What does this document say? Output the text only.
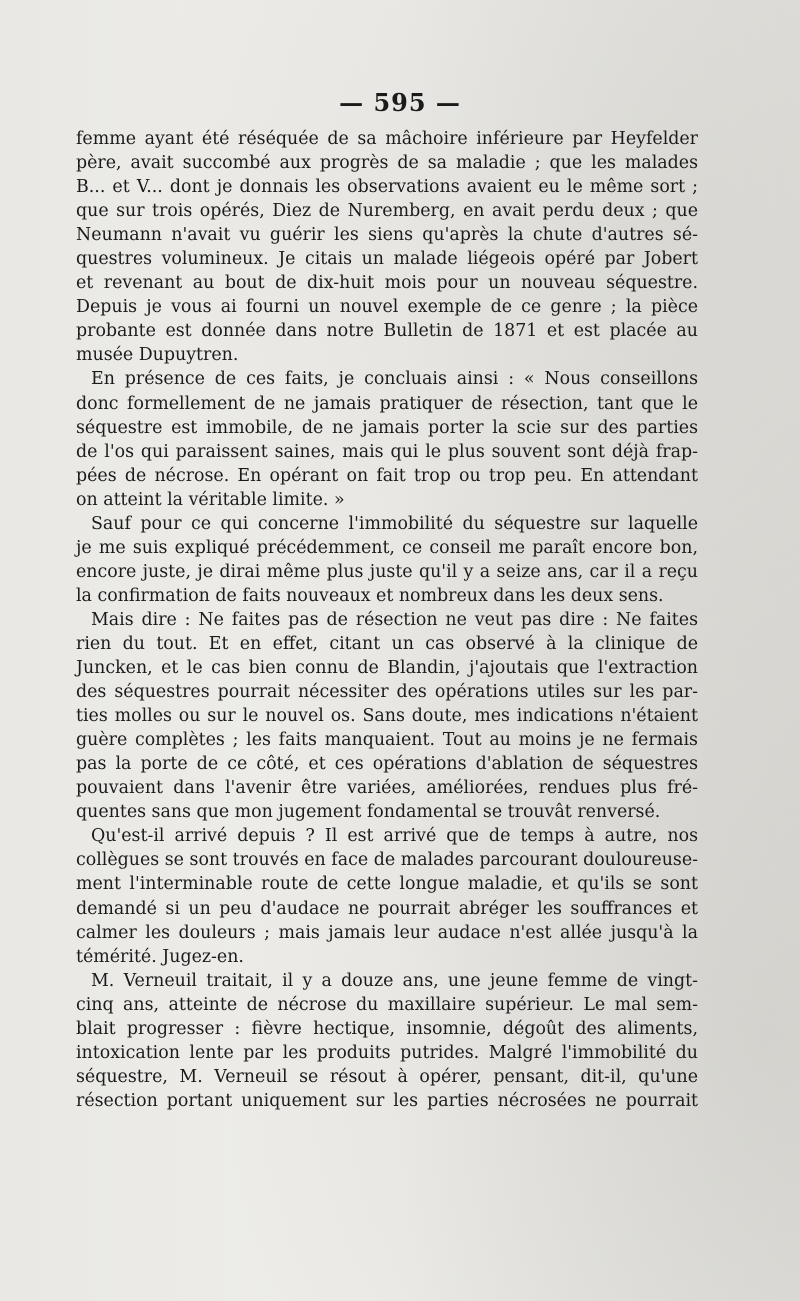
— 595 —
femme ayant été réséquée de sa mâchoire inférieure par Heyfelder
père, avait succombé aux progrès de sa maladie ; que les malades
B... et V... dont je donnais les observations avaient eu le même sort ;
que sur trois opérés, Diez de Nuremberg, en avait perdu deux ; que
Neumann n'avait vu guérir les siens qu'après la chute d'autres sé-
questres volumineux. Je citais un malade liégeois opéré par Jobert
et revenant au bout de dix-huit mois pour un nouveau séquestre.
Depuis je vous ai fourni un nouvel exemple de ce genre ; la pièce
probante est donnée dans notre Bulletin de 1871 et est placée au
musée Dupuytren.
En présence de ces faits, je concluais ainsi : « Nous conseillons
donc formellement de ne jamais pratiquer de résection, tant que le
séquestre est immobile, de ne jamais porter la scie sur des parties
de l'os qui paraissent saines, mais qui le plus souvent sont déjà frap-
pées de nécrose. En opérant on fait trop ou trop peu. En attendant
on atteint la véritable limite. »
Sauf pour ce qui concerne l'immobilité du séquestre sur laquelle
je me suis expliqué précédemment, ce conseil me paraît encore bon,
encore juste, je dirai même plus juste qu'il y a seize ans, car il a reçu
la confirmation de faits nouveaux et nombreux dans les deux sens.
Mais dire : Ne faites pas de résection ne veut pas dire : Ne faites
rien du tout. Et en effet, citant un cas observé à la clinique de
Juncken, et le cas bien connu de Blandin, j'ajoutais que l'extraction
des séquestres pourrait nécessiter des opérations utiles sur les par-
ties molles ou sur le nouvel os. Sans doute, mes indications n'étaient
guère complètes ; les faits manquaient. Tout au moins je ne fermais
pas la porte de ce côté, et ces opérations d'ablation de séquestres
pouvaient dans l'avenir être variées, améliorées, rendues plus fré-
quentes sans que mon jugement fondamental se trouvât renversé.
Qu'est-il arrivé depuis ? Il est arrivé que de temps à autre, nos
collègues se sont trouvés en face de malades parcourant douloureuse-
ment l'interminable route de cette longue maladie, et qu'ils se sont
demandé si un peu d'audace ne pourrait abréger les souffrances et
calmer les douleurs ; mais jamais leur audace n'est allée jusqu'à la
témérité. Jugez-en.
M. Verneuil traitait, il y a douze ans, une jeune femme de vingt-
cinq ans, atteinte de nécrose du maxillaire supérieur. Le mal sem-
blait progresser : fièvre hectique, insomnie, dégoût des aliments,
intoxication lente par les produits putrides. Malgré l'immobilité du
séquestre, M. Verneuil se résout à opérer, pensant, dit-il, qu'une
résection portant uniquement sur les parties nécrosées ne pourrait
